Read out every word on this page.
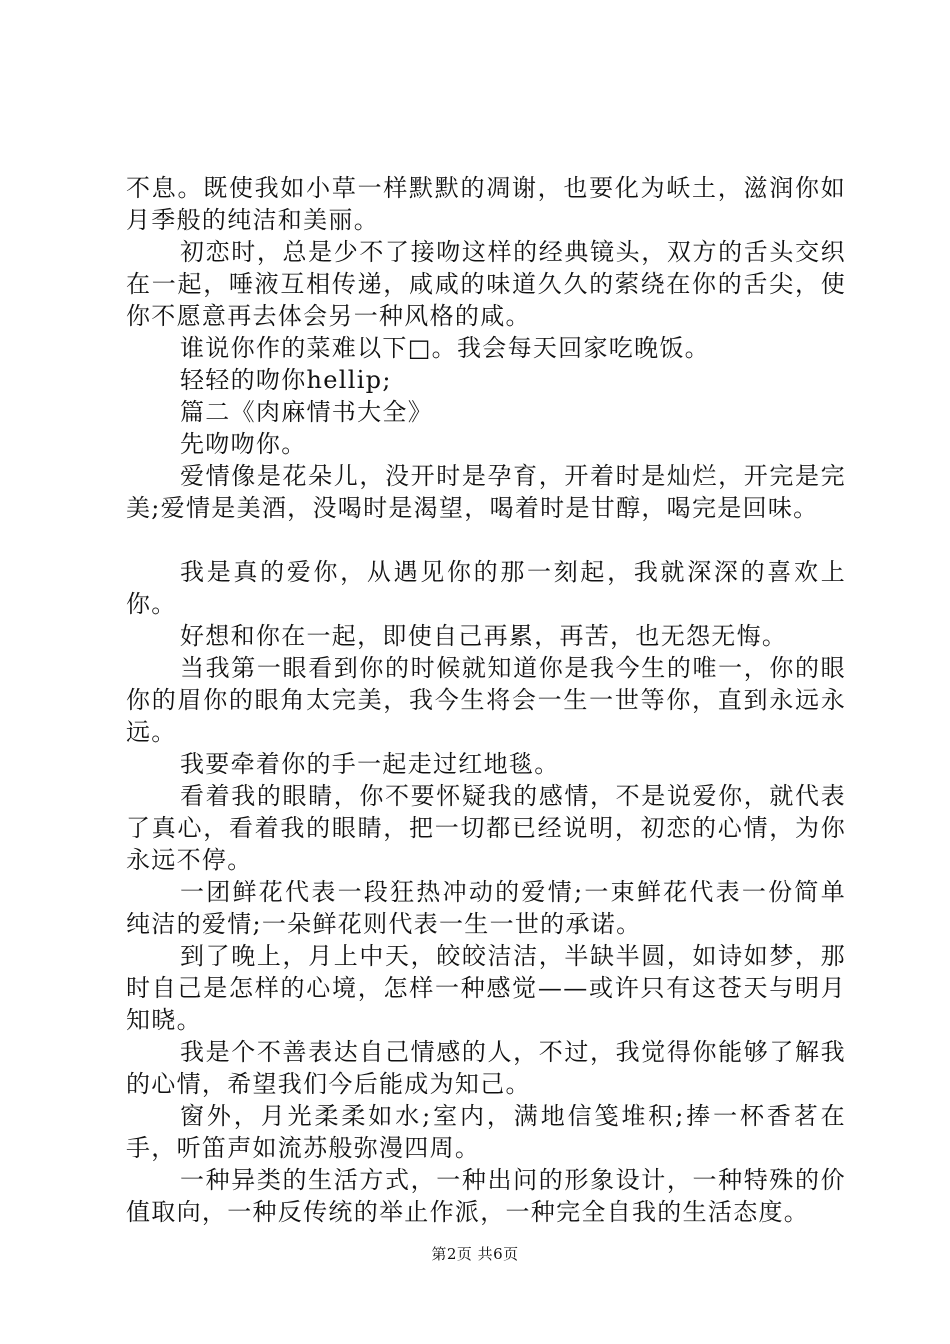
不息。既使我如小草一样默默的凋谢，也要化为岆土，滋润你如月季般的纯洁和美丽。

初恋时，总是少不了接吻这样的经典镜头，双方的舌头交织在一起，唾液互相传递，咸咸的味道久久的萦绕在你的舌尖，使你不愿意再去体会另一种风格的咸。

谁说你作的菜难以下□。我会每天回家吃晚饭。

轻轻的吻你hellip;

篇二《肉麻情书大全》

先吻吻你。

爱情像是花朵儿，没开时是孕育，开着时是灿烂，开完是完美;爱情是美酒，没喝时是渴望，喝着时是甘醇，喝完是回味。

我是真的爱你，从遇见你的那一刻起，我就深深的喜欢上你。

好想和你在一起，即使自己再累，再苦，也无怨无悔。

当我第一眼看到你的时候就知道你是我今生的唯一，你的眼你的眉你的眼角太完美，我今生将会一生一世等你，直到永远永远。

我要牵着你的手一起走过红地毯。

看着我的眼睛，你不要怀疑我的感情，不是说爱你，就代表了真心，看着我的眼睛，把一切都已经说明，初恋的心情，为你永远不停。

一团鲜花代表一段狂热冲动的爱情;一束鲜花代表一份简单纯洁的爱情;一朵鲜花则代表一生一世的承诺。

到了晚上，月上中天，皎皎洁洁，半缺半圆，如诗如梦，那时自己是怎样的心境，怎样一种感觉——或许只有这苍天与明月知晓。

我是个不善表达自己情感的人，不过，我觉得你能够了解我的心情，希望我们今后能成为知己。

窗外，月光柔柔如水;室内，满地信笺堆积;捧一杯香茗在手，听笛声如流苏般弥漫四周。

一种异类的生活方式，一种出问的形象设计，一种特殊的价值取向，一种反传统的举止作派，一种完全自我的生活态度。

第2页 共6页
